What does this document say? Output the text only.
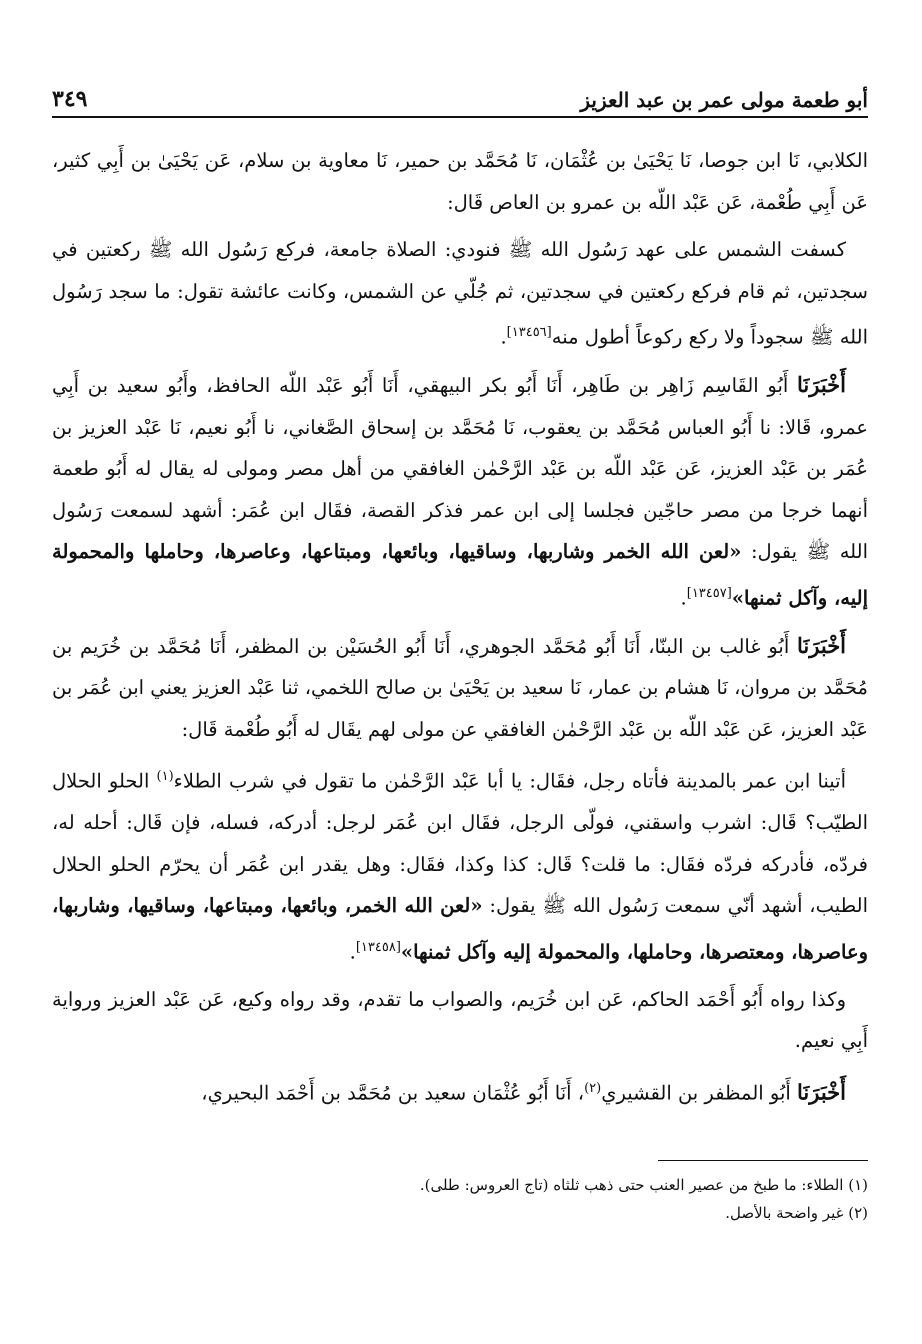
أبو طعمة مولى عمر بن عبد العزيز
٣٤٩

الكلابي، نَا ابن جوصا، نَا يَحْيَىٰ بن عُثْمَان، نَا مُحَمَّد بن حمير، نَا معاوية بن سلام، عَن يَحْيَىٰ بن أَبِي كثير، عَن أَبِي طُعْمة، عَن عَبْد اللّه بن عمرو بن العاص قَال:

كسفت الشمس على عهد رَسُول الله ﷺ فنودي: الصلاة جامعة، فركع رَسُول الله ﷺ ركعتين في سجدتين، ثم قام فركع ركعتين في سجدتين، ثم جُلّي عن الشمس، وكانت عائشة تقول: ما سجد رَسُول الله ﷺ سجوداً ولا ركع ركوعاً أطول منه[١٣٤٥٦].

أَخْبَرَنَا أَبُو القَاسِم زَاهِر بن طَاهِر، أَنَا أَبُو بكر البيهقي، أَنَا أَبُو عَبْد اللّه الحافظ، وأَبُو سعيد بن أَبِي عمرو، قَالا: نا أَبُو العباس مُحَمَّد بن يعقوب، نَا مُحَمَّد بن إسحاق الصَّغاني، نا أَبُو نعيم، نَا عَبْد العزيز بن عُمَر بن عَبْد العزيز، عَن عَبْد اللّه بن عَبْد الرَّحْمٰن الغافقي من أهل مصر ومولى له يقال له أَبُو طعمة أنهما خرجا من مصر حاجّين فجلسا إلى ابن عمر فذكر القصة، فقَال ابن عُمَر: أشهد لسمعت رَسُول الله ﷺ يقول: «لعن الله الخمر وشاربها، وساقيها، وبائعها، ومبتاعها، وعاصرها، وحاملها والمحمولة إليه، وآكل ثمنها»[١٣٤٥٧].

أَخْبَرَنَا أَبُو غالب بن البنّا، أَنَا أَبُو مُحَمَّد الجوهري، أَنَا أَبُو الحُسَيْن بن المظفر، أَنَا مُحَمَّد بن خُرَيم بن مُحَمَّد بن مروان، نَا هشام بن عمار، نَا سعيد بن يَحْيَىٰ بن صالح اللخمي، ثنا عَبْد العزيز يعني ابن عُمَر بن عَبْد العزيز، عَن عَبْد اللّه بن عَبْد الرَّحْمٰن الغافقي عن مولى لهم يقَال له أَبُو طُعْمة قَال:

أتينا ابن عمر بالمدينة فأتاه رجل، فقَال: يا أبا عَبْد الرَّحْمٰن ما تقول في شرب الطلاء$^{(١)}$ الحلو الحلال الطيّب؟ قَال: اشرب واسقني، فولّى الرجل، فقَال ابن عُمَر لرجل: أدركه، فسله، فإن قَال: أحله له، فردّه، فأدركه فردّه فقَال: ما قلت؟ قَال: كذا وكذا، فقَال: وهل يقدر ابن عُمَر أن يحرّم الحلو الحلال الطيب، أشهد أنّي سمعت رَسُول الله ﷺ يقول: «لعن الله الخمر، وبائعها، ومبتاعها، وساقيها، وشاربها، وعاصرها، ومعتصرها، وحاملها، والمحمولة إليه وآكل ثمنها»[١٣٤٥٨].

وكذا رواه أَبُو أَحْمَد الحاكم، عَن ابن خُرَيم، والصواب ما تقدم، وقد رواه وكيع، عَن عَبْد العزيز ورواية أَبِي نعيم.

أَخْبَرَنَا أَبُو المظفر بن القشيري$^{(٢)}$، أَنَا أَبُو عُثْمَان سعيد بن مُحَمَّد بن أَحْمَد البحيري،

(١) الطلاء: ما طبخ من عصير العنب حتى ذهب ثلثاه (تاج العروس: طلى).
(٢) غير واضحة بالأصل.
